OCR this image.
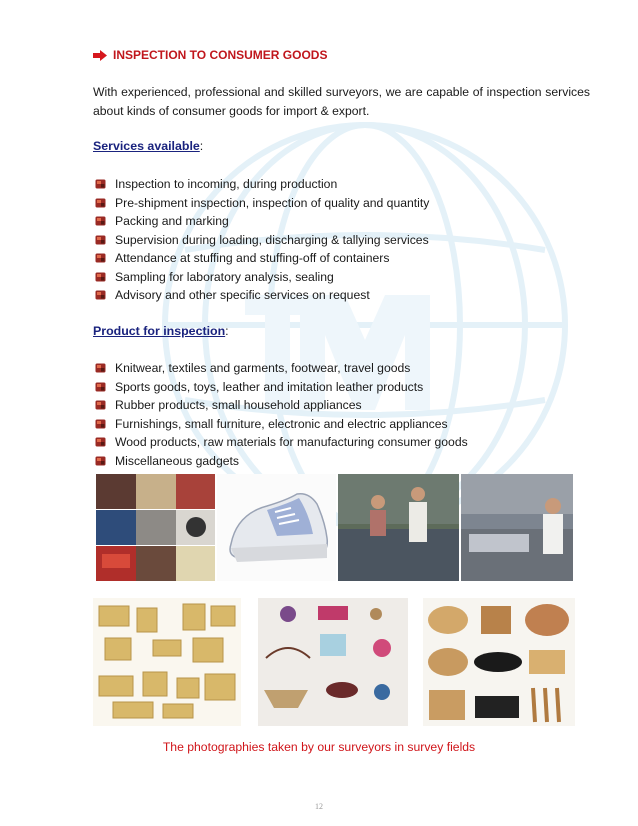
INSPECTION TO CONSUMER GOODS
With experienced, professional and skilled surveyors, we are capable of inspection services about kinds of consumer goods for import & export.
Services available:
Inspection to incoming, during production
Pre-shipment inspection, inspection of quality and quantity
Packing and marking
Supervision during loading, discharging & tallying services
Attendance at stuffing and stuffing-off of containers
Sampling for laboratory analysis, sealing
Advisory and other specific services on request
Product for inspection:
Knitwear, textiles and garments, footwear, travel goods
Sports goods, toys, leather and imitation leather products
Rubber products, small household appliances
Furnishings, small furniture, electronic and electric appliances
Wood products, raw materials for manufacturing consumer goods
Miscellaneous gadgets
The photographies taken by our surveyors in survey fields
12
